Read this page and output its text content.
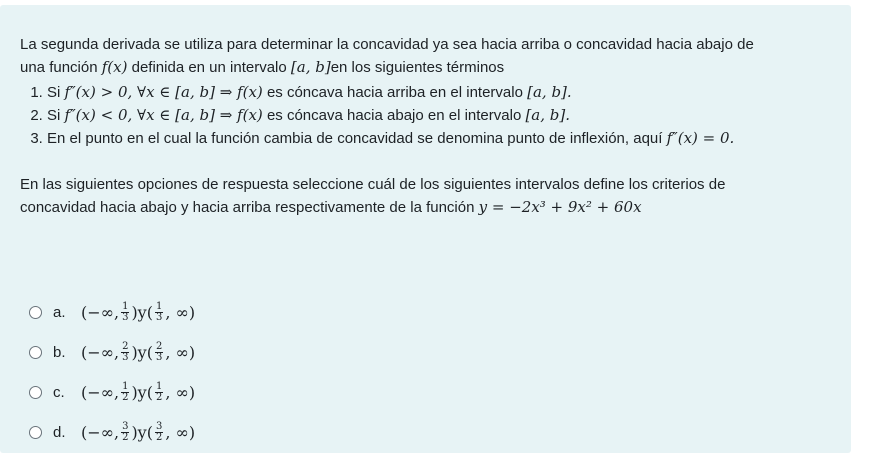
La segunda derivada se utiliza para determinar la concavidad ya sea hacia arriba o concavidad hacia abajo de
una función f(x) definida en un intervalo [a, b]en los siguientes términos
1. Si f″(x) > 0, ∀x ∈ [a, b] ⇒ f(x) es cóncava hacia arriba en el intervalo [a, b].
2. Si f″(x) < 0, ∀x ∈ [a, b] ⇒ f(x) es cóncava hacia abajo en el intervalo [a, b].
3. En el punto en el cual la función cambia de concavidad se denomina punto de inflexión, aquí f″(x) = 0.
En las siguientes opciones de respuesta seleccione cuál de los siguientes intervalos define los criterios de
concavidad hacia abajo y hacia arriba respectivamente de la función y = −2x³ + 9x² + 60x
a. (−∞, $\frac{1}{3} )y( \frac{1}{3}$ , ∞)
b. (−∞, $\frac{2}{3} )y( \frac{2}{3}$ , ∞)
c.	(−∞, $\frac{1}{2} )y( \frac{1}{2}$ , ∞)
d. (−∞, $\frac{3}{2} )y( \frac{3}{2}$ , ∞)
